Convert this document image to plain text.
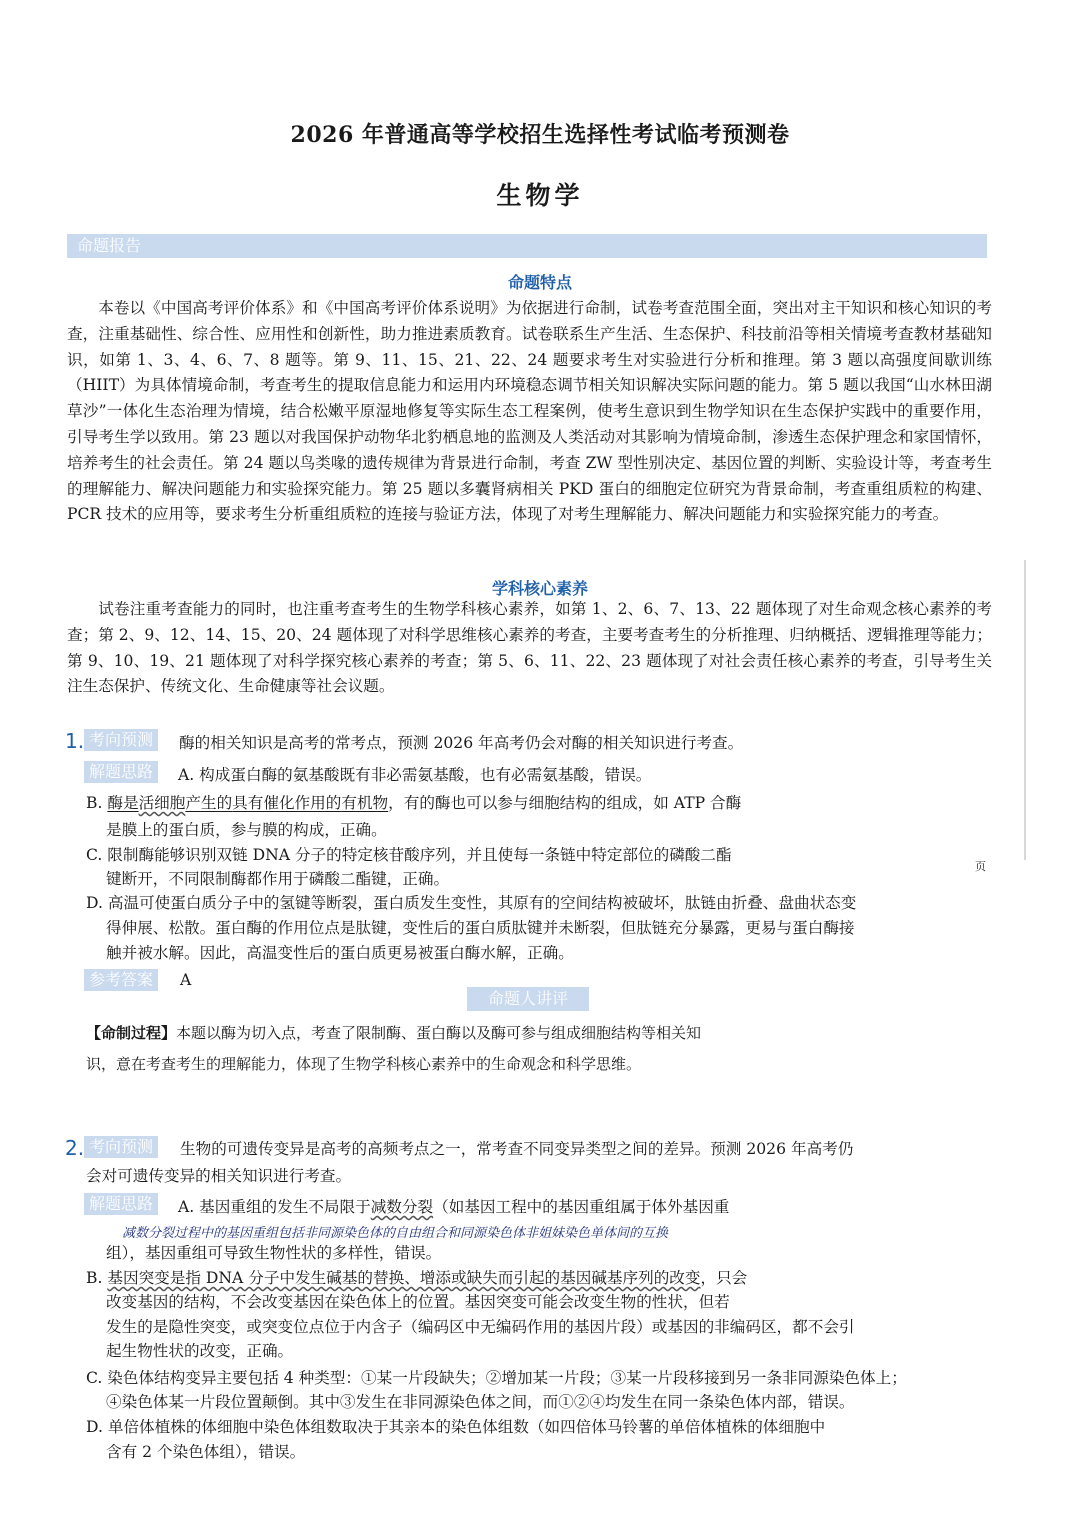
2026 年普通高等学校招生选择性考试临考预测卷
生物学
命题报告
命题特点

本卷以《中国高考评价体系》和《中国高考评价体系说明》为依据进行命制，试卷考查范围全面，突出对主干知识和核心知识的考查，注重基础性、综合性、应用性和创新性，助力推进素质教育。试卷联系生产生活、生态保护、科技前沿等相关情境考查教材基础知识，如第 1、3、4、6、7、8 题等。第 9、11、15、21、22、24 题要求考生对实验进行分析和推理。第 3 题以高强度间歇训练（HIIT）为具体情境命制，考查考生的提取信息能力和运用内环境稳态调节相关知识解决实际问题的能力。第 5 题以我国“山水林田湖草沙”一体化生态治理为情境，结合松嫩平原湿地修复等实际生态工程案例，使考生意识到生物学知识在生态保护实践中的重要作用，引导考生学以致用。第 23 题以对我国保护动物华北豹栖息地的监测及人类活动对其影响为情境命制，渗透生态保护理念和家国情怀，培养考生的社会责任。第 24 题以鸟类喙的遗传规律为背景进行命制，考查 ZW 型性别决定、基因位置的判断、实验设计等，考查考生的理解能力、解决问题能力和实验探究能力。第 25 题以多囊肾病相关 PKD 蛋白的细胞定位研究为背景命制，考查重组质粒的构建、PCR 技术的应用等，要求考生分析重组质粒的连接与验证方法，体现了对考生理解能力、解决问题能力和实验探究能力的考查。

学科核心素养

试卷注重考查能力的同时，也注重考查考生的生物学科核心素养，如第 1、2、6、7、13、22 题体现了对生命观念核心素养的考查；第 2、9、12、14、15、20、24 题体现了对科学思维核心素养的考查，主要考查考生的分析推理、归纳概括、逻辑推理等能力；第 9、10、19、21 题体现了对科学探究核心素养的考查；第 5、6、11、22、23 题体现了对社会责任核心素养的考查，引导考生关注生态保护、传统文化、生命健康等社会议题。

1. 考向预测	酶的相关知识是高考的常考点，预测 2026 年高考仍会对酶的相关知识进行考查。
解题思路	A. 构成蛋白酶的氨基酸既有非必需氨基酸，也有必需氨基酸，错误。
B. 酶是活细胞产生的具有催化作用的有机物，有的酶也可以参与细胞结构的组成，如 ATP 合酶
是膜上的蛋白质，参与膜的构成，正确。
C. 限制酶能够识别双链 DNA 分子的特定核苷酸序列，并且使每一条链中特定部位的磷酸二酯
键断开，不同限制酶都作用于磷酸二酯键，正确。
页
D. 高温可使蛋白质分子中的氢键等断裂，蛋白质发生变性，其原有的空间结构被破坏，肽链由折叠、盘曲状态变
得伸展、松散。蛋白酶的作用位点是肽键，变性后的蛋白质肽键并未断裂，但肽链充分暴露，更易与蛋白酶接
触并被水解。因此，高温变性后的蛋白质更易被蛋白酶水解，正确。
参考答案	A
命题人讲评
【命制过程】本题以酶为切入点，考查了限制酶、蛋白酶以及酶可参与组成细胞结构等相关知
识，意在考查考生的理解能力，体现了生物学科核心素养中的生命观念和科学思维。
2. 考向预测	生物的可遗传变异是高考的高频考点之一，常考查不同变异类型之间的差异。预测 2026 年高考仍
会对可遗传变异的相关知识进行考查。
解题思路	A. 基因重组的发生不局限于减数分裂（如基因工程中的基因重组属于体外基因重
减数分裂过程中的基因重组包括非同源染色体的自由组合和同源染色体非姐妹染色单体间的互换
组），基因重组可导致生物性状的多样性，错误。
B. 基因突变是指 DNA 分子中发生碱基的替换、增添或缺失而引起的基因碱基序列的改变，只会
改变基因的结构，不会改变基因在染色体上的位置。基因突变可能会改变生物的性状，但若
发生的是隐性突变，或突变位点位于内含子（编码区中无编码作用的基因片段）或基因的非编码区，都不会引
起生物性状的改变，正确。
C. 染色体结构变异主要包括 4 种类型：①某一片段缺失；②增加某一片段；③某一片段移接到另一条非同源染色体上；
④染色体某一片段位置颠倒。其中③发生在非同源染色体之间，而①②④均发生在同一条染色体内部，错误。
D. 单倍体植株的体细胞中染色体组数取决于其亲本的染色体组数（如四倍体马铃薯的单倍体植株的体细胞中
含有 2 个染色体组），错误。
